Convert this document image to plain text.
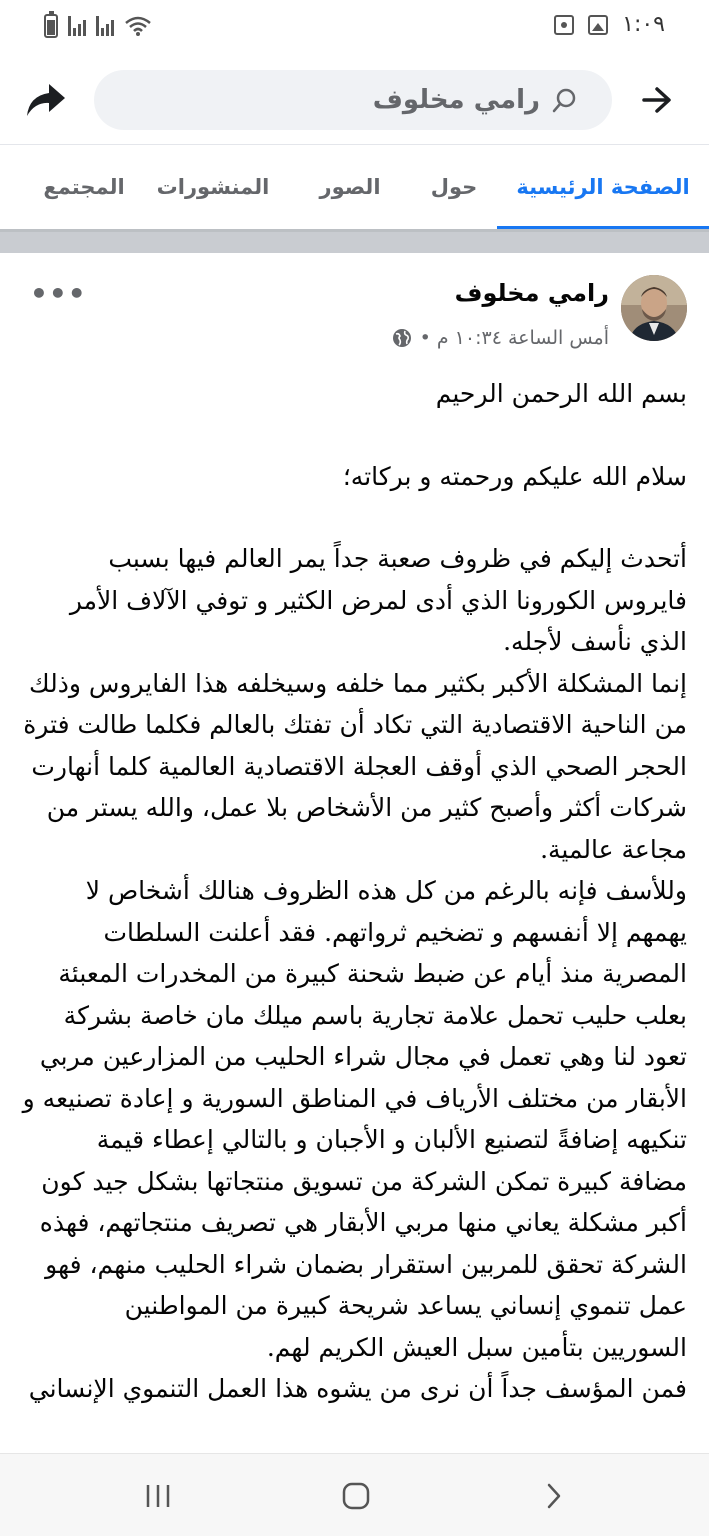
١:٠٩
رامي مخلوف
الصفحة الرئيسية
حول
الصور
المنشورات
المجتمع
رامي مخلوف
أمس الساعة ١٠:٣٤ م •
•••

بسم الله الرحمن الرحيم

سلام الله عليكم ورحمته و بركاته؛

أتحدث إليكم في ظروف صعبة جداً يمر العالم فيها بسبب فايروس الكورونا الذي أدى لمرض الكثير و توفي الآلاف الأمر الذي نأسف لأجله.

إنما المشكلة الأكبر بكثير مما خلفه وسيخلفه هذا الفايروس وذلك من الناحية الاقتصادية التي تكاد أن تفتك بالعالم فكلما طالت فترة الحجر الصحي الذي أوقف العجلة الاقتصادية العالمية كلما أنهارت شركات أكثر وأصبح كثير من الأشخاص بلا عمل، والله يستر من مجاعة عالمية.

وللأسف فإنه بالرغم من كل هذه الظروف هنالك أشخاص لا يهمهم إلا أنفسهم و تضخيم ثرواتهم. فقد أعلنت السلطات المصرية منذ أيام عن ضبط شحنة كبيرة من المخدرات المعبئة بعلب حليب تحمل علامة تجارية باسم ميلك مان خاصة بشركة تعود لنا وهي تعمل في مجال شراء الحليب من المزارعين مربي الأبقار من مختلف الأرياف في المناطق السورية و إعادة تصنيعه و تنكيهه إضافةً لتصنيع الألبان و الأجبان و بالتالي إعطاء قيمة مضافة كبيرة تمكن الشركة من تسويق منتجاتها بشكل جيد كون أكبر مشكلة يعاني منها مربي الأبقار هي تصريف منتجاتهم، فهذه الشركة تحقق للمربين استقرار بضمان شراء الحليب منهم، فهو عمل تنموي إنساني يساعد شريحة كبيرة من المواطنين السوريين بتأمين سبل العيش الكريم لهم.

فمن المؤسف جداً أن نرى من يشوه هذا العمل التنموي الإنساني
